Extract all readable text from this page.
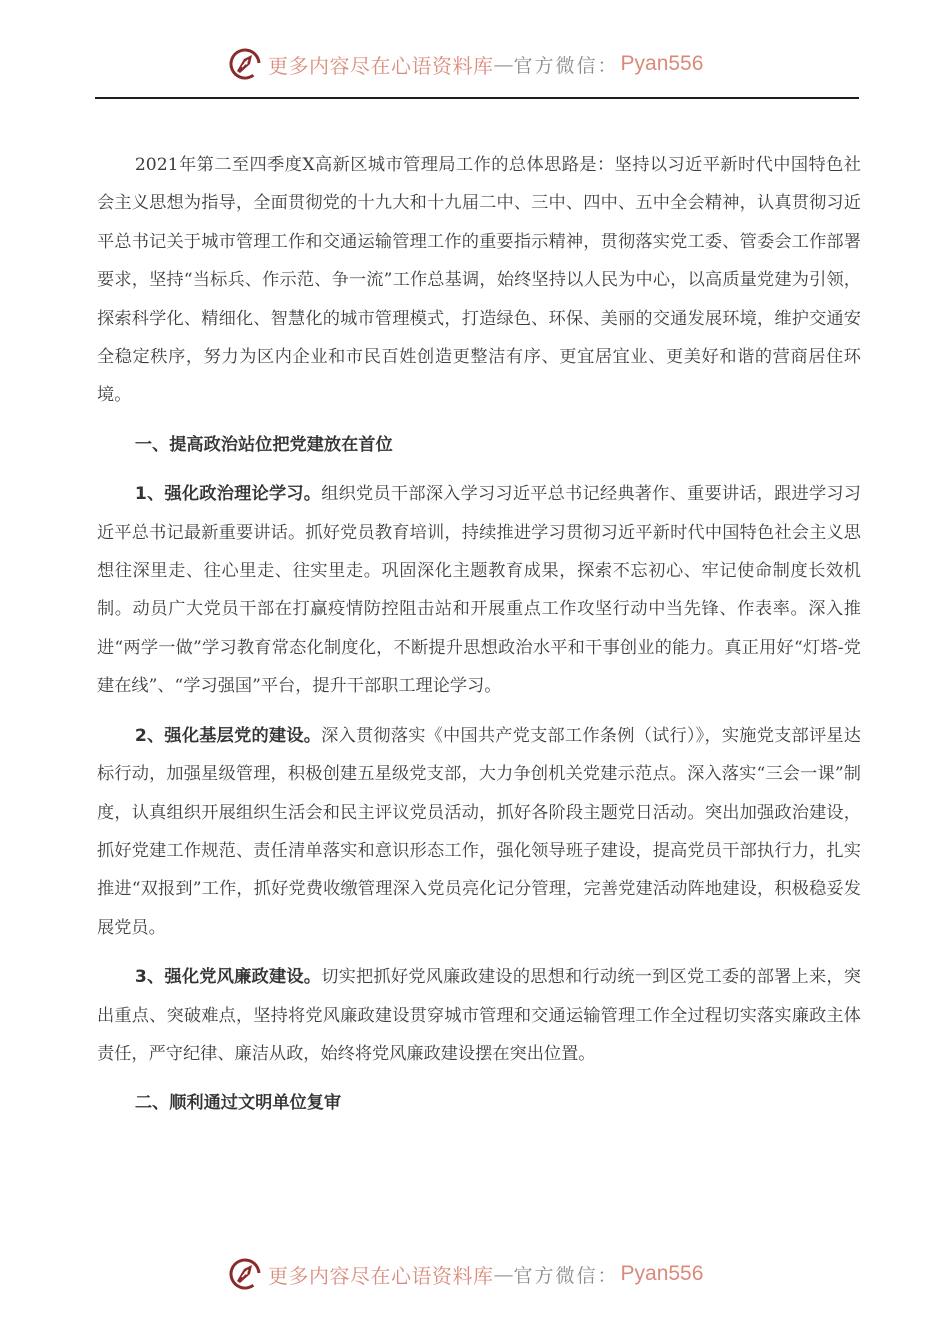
更多内容尽在心语资料库 — 官方微信： Pyan556

2021年第二至四季度X高新区城市管理局工作的总体思路是：坚持以习近平新时代中国特色社会主义思想为指导，全面贯彻党的十九大和十九届二中、三中、四中、五中全会精神，认真贯彻习近平总书记关于城市管理工作和交通运输管理工作的重要指示精神，贯彻落实党工委、管委会工作部署要求，坚持“当标兵、作示范、争一流”工作总基调，始终坚持以人民为中心，以高质量党建为引领，探索科学化、精细化、智慧化的城市管理模式，打造绿色、环保、美丽的交通发展环境，维护交通安全稳定秩序，努力为区内企业和市民百姓创造更整洁有序、更宜居宜业、更美好和谐的营商居住环境。

一、提高政治站位把党建放在首位

1、强化政治理论学习。组织党员干部深入学习习近平总书记经典著作、重要讲话，跟进学习习近平总书记最新重要讲话。抓好党员教育培训，持续推进学习贯彻习近平新时代中国特色社会主义思想往深里走、往心里走、往实里走。巩固深化主题教育成果，探索不忘初心、牢记使命制度长效机制。动员广大党员干部在打赢疫情防控阻击站和开展重点工作攻坚行动中当先锋、作表率。深入推进“两学一做”学习教育常态化制度化，不断提升思想政治水平和干事创业的能力。真正用好“灯塔-党建在线”、“学习强国”平台，提升干部职工理论学习。

2、强化基层党的建设。深入贯彻落实《中国共产党支部工作条例（试行）》，实施党支部评星达标行动，加强星级管理，积极创建五星级党支部，大力争创机关党建示范点。深入落实“三会一课”制度，认真组织开展组织生活会和民主评议党员活动，抓好各阶段主题党日活动。突出加强政治建设，抓好党建工作规范、责任清单落实和意识形态工作，强化领导班子建设，提高党员干部执行力，扎实推进“双报到”工作，抓好党费收缴管理深入党员亮化记分管理，完善党建活动阵地建设，积极稳妥发展党员。

3、强化党风廉政建设。切实把抓好党风廉政建设的思想和行动统一到区党工委的部署上来，突出重点、突破难点，坚持将党风廉政建设贯穿城市管理和交通运输管理工作全过程切实落实廉政主体责任，严守纪律、廉洁从政，始终将党风廉政建设摆在突出位置。

二、顺利通过文明单位复审

更多内容尽在心语资料库 — 官方微信： Pyan556
